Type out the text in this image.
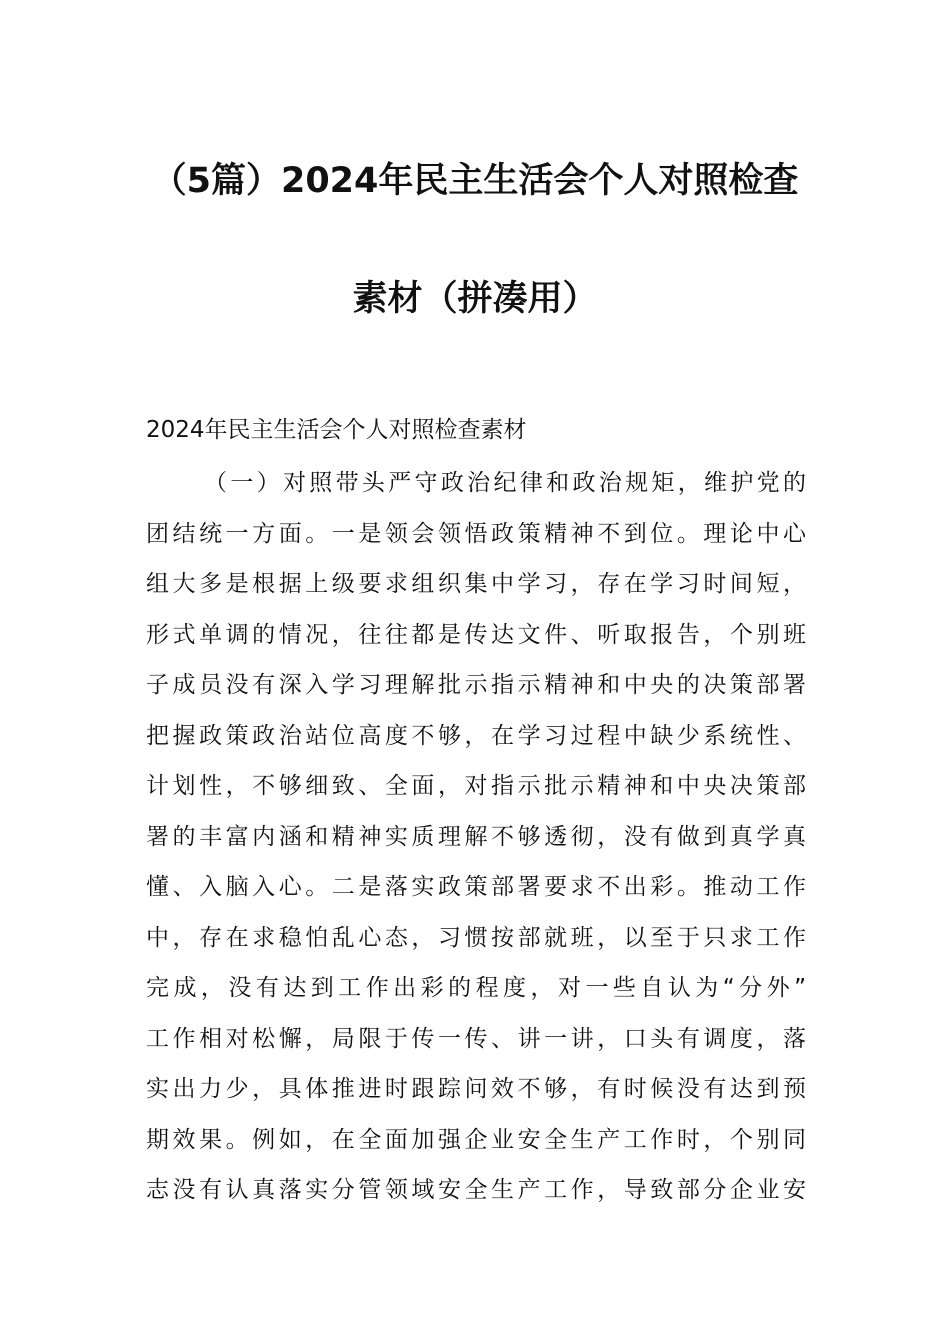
（5篇）2024年民主生活会个人对照检查
素材（拼凑用）
2024年民主生活会个人对照检查素材
（一）对照带头严守政治纪律和政治规矩，维护党的
团结统一方面。一是领会领悟政策精神不到位。理论中心
组大多是根据上级要求组织集中学习，存在学习时间短，
形式单调的情况，往往都是传达文件、听取报告，个别班
子成员没有深入学习理解批示指示精神和中央的决策部署
把握政策政治站位高度不够，在学习过程中缺少系统性、
计划性，不够细致、全面，对指示批示精神和中央决策部
署的丰富内涵和精神实质理解不够透彻，没有做到真学真
懂、入脑入心。二是落实政策部署要求不出彩。推动工作
中，存在求稳怕乱心态，习惯按部就班，以至于只求工作
完成，没有达到工作出彩的程度，对一些自认为“分外”
工作相对松懈，局限于传一传、讲一讲，口头有调度，落
实出力少，具体推进时跟踪问效不够，有时候没有达到预
期效果。例如，在全面加强企业安全生产工作时，个别同
志没有认真落实分管领域安全生产工作，导致部分企业安
